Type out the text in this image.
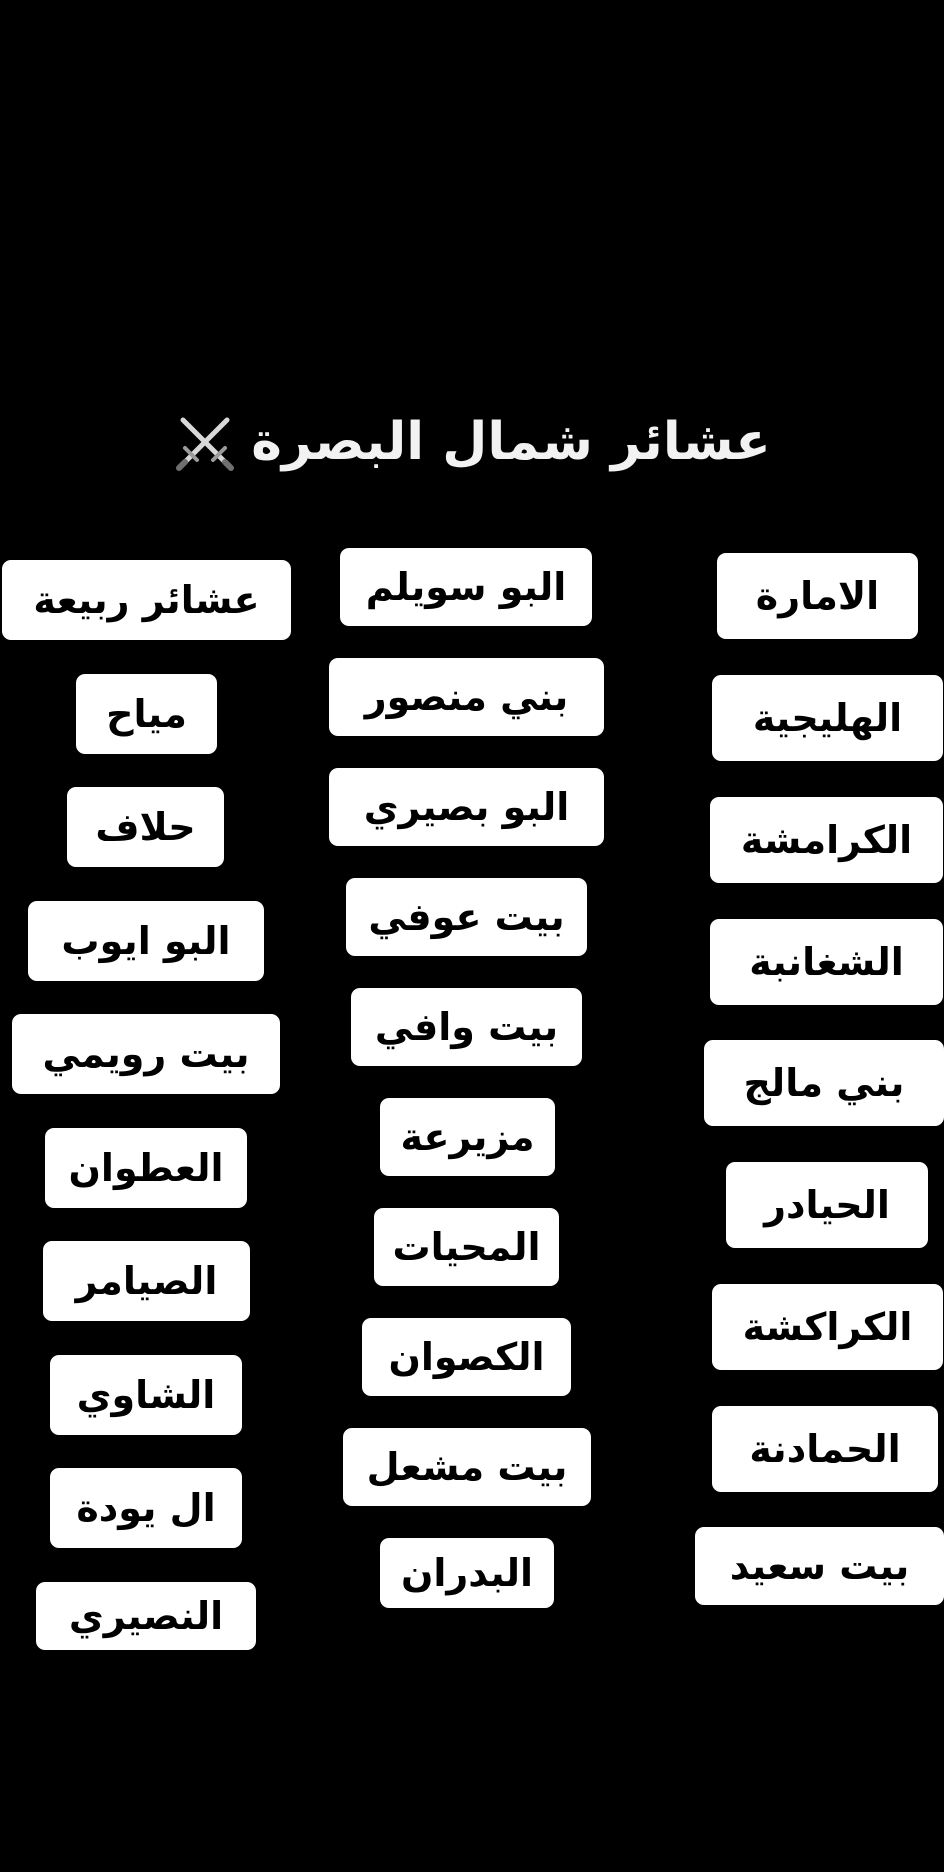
عشائر شمال البصرة
الامارة
الهليجية
الكرامشة
الشغانبة
بني مالج
الحيادر
الكراكشة
الحمادنة
بيت سعيد
البو سويلم
بني منصور
البو بصيري
بيت عوفي
بيت وافي
مزيرعة
المحيات
الكصوان
بيت مشعل
البدران
عشائر ربيعة
مياح
حلاف
البو ايوب
بيت رويمي
العطوان
الصيامر
الشاوي
ال يودة
النصيري
